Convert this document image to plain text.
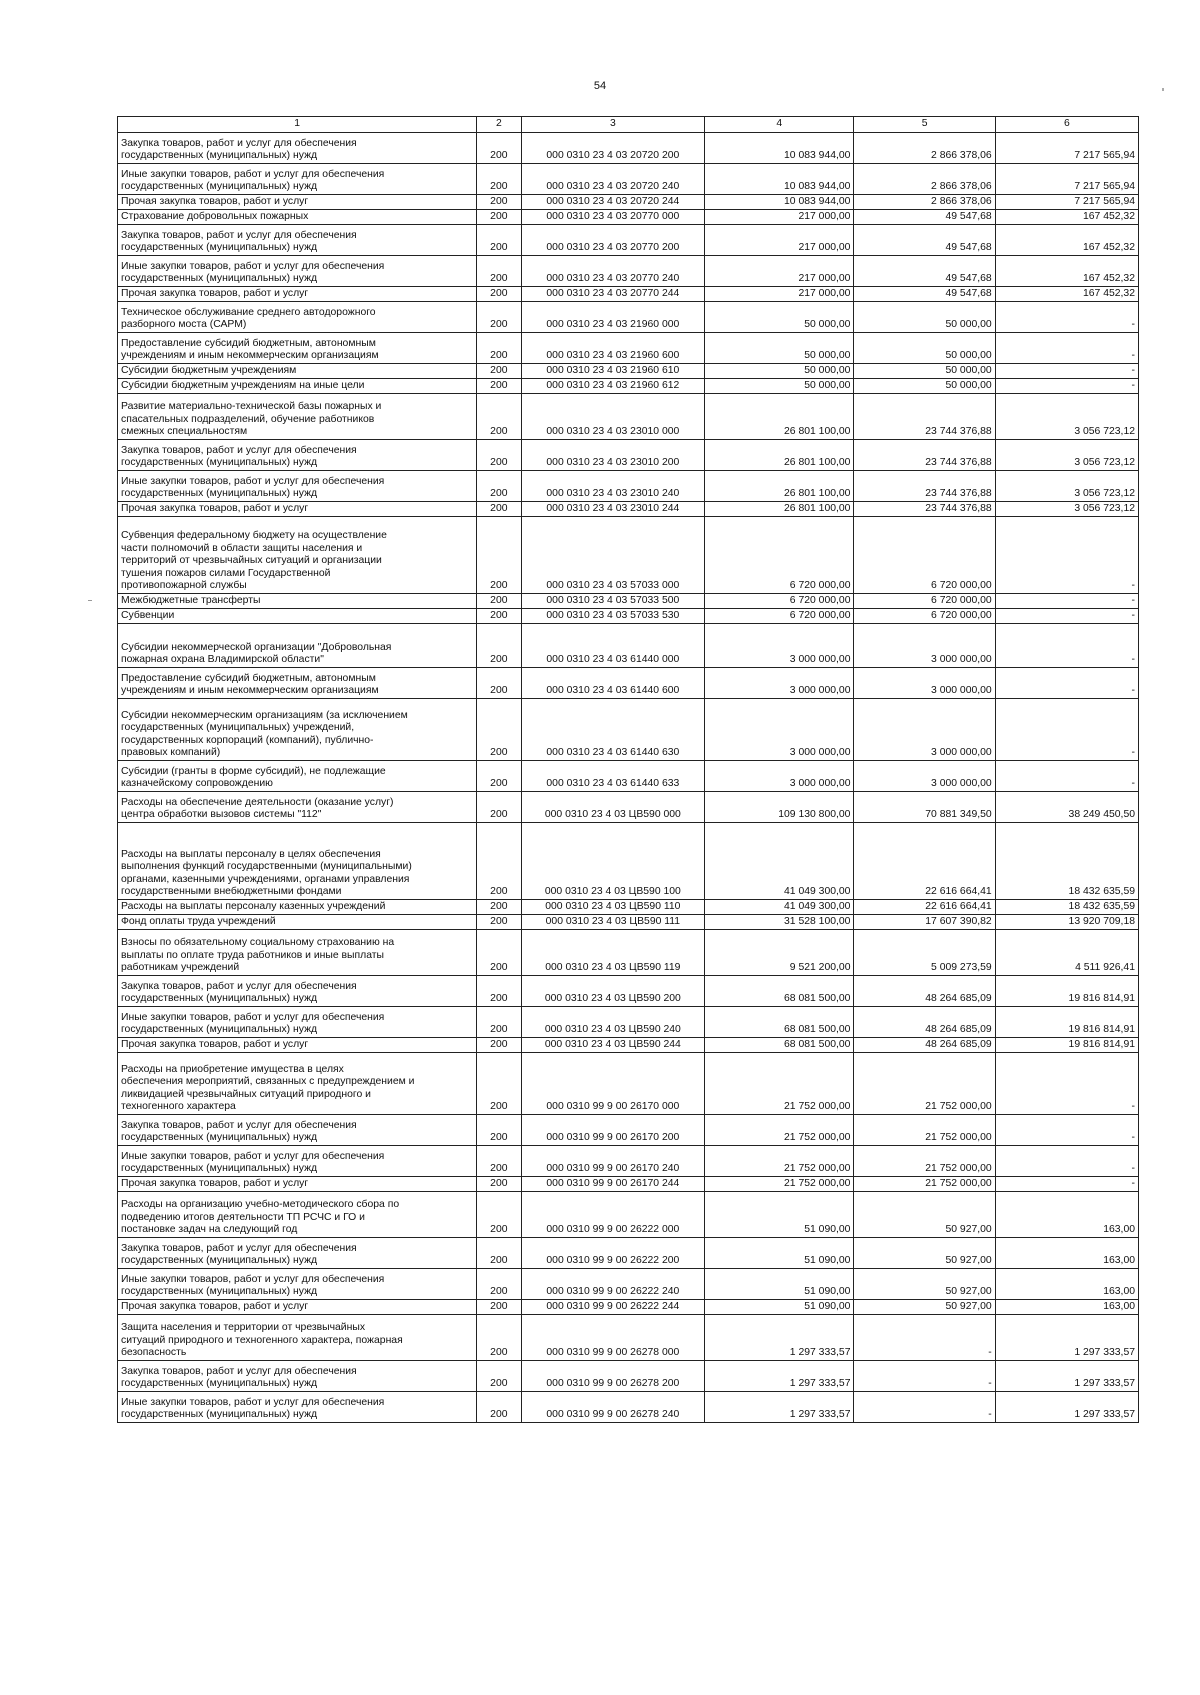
54
1	2	3	4	5	6
Закупка товаров, работ и услуг для обеспечения
государственных (муниципальных) нужд	200	000 0310 23 4 03 20720 200	10 083 944,00	2 866 378,06	7 217 565,94
Иные закупки товаров, работ и услуг для обеспечения
государственных (муниципальных) нужд	200	000 0310 23 4 03 20720 240	10 083 944,00	2 866 378,06	7 217 565,94
Прочая закупка товаров, работ и услуг	200	000 0310 23 4 03 20720 244	10 083 944,00	2 866 378,06	7 217 565,94
Страхование добровольных пожарных	200	000 0310 23 4 03 20770 000	217 000,00	49 547,68	167 452,32
Закупка товаров, работ и услуг для обеспечения
государственных (муниципальных) нужд	200	000 0310 23 4 03 20770 200	217 000,00	49 547,68	167 452,32
Иные закупки товаров, работ и услуг для обеспечения
государственных (муниципальных) нужд	200	000 0310 23 4 03 20770 240	217 000,00	49 547,68	167 452,32
Прочая закупка товаров, работ и услуг	200	000 0310 23 4 03 20770 244	217 000,00	49 547,68	167 452,32
Техническое обслуживание среднего автодорожного
разборного моста (САРМ)	200	000 0310 23 4 03 21960 000	50 000,00	50 000,00	-
Предоставление субсидий бюджетным, автономным
учреждениям и иным некоммерческим организациям	200	000 0310 23 4 03 21960 600	50 000,00	50 000,00	-
Субсидии бюджетным учреждениям	200	000 0310 23 4 03 21960 610	50 000,00	50 000,00	-
Субсидии бюджетным учреждениям на иные цели	200	000 0310 23 4 03 21960 612	50 000,00	50 000,00	-
Развитие материально-технической базы пожарных и
спасательных подразделений, обучение работников
смежных специальностям	200	000 0310 23 4 03 23010 000	26 801 100,00	23 744 376,88	3 056 723,12
Закупка товаров, работ и услуг для обеспечения
государственных (муниципальных) нужд	200	000 0310 23 4 03 23010 200	26 801 100,00	23 744 376,88	3 056 723,12
Иные закупки товаров, работ и услуг для обеспечения
государственных (муниципальных) нужд	200	000 0310 23 4 03 23010 240	26 801 100,00	23 744 376,88	3 056 723,12
Прочая закупка товаров, работ и услуг	200	000 0310 23 4 03 23010 244	26 801 100,00	23 744 376,88	3 056 723,12
Субвенция федеральному бюджету на осуществление
части полномочий в области защиты населения и
территорий от чрезвычайных ситуаций и организации
тушения пожаров силами Государственной
противопожарной службы	200	000 0310 23 4 03 57033 000	6 720 000,00	6 720 000,00	-
Межбюджетные трансферты	200	000 0310 23 4 03 57033 500	6 720 000,00	6 720 000,00	-
Субвенции	200	000 0310 23 4 03 57033 530	6 720 000,00	6 720 000,00	-
Субсидии некоммерческой организации "Добровольная
пожарная охрана Владимирской области"	200	000 0310 23 4 03 61440 000	3 000 000,00	3 000 000,00	-
Предоставление субсидий бюджетным, автономным
учреждениям и иным некоммерческим организациям	200	000 0310 23 4 03 61440 600	3 000 000,00	3 000 000,00	-
Субсидии некоммерческим организациям (за исключением
государственных (муниципальных) учреждений,
государственных корпораций (компаний), публично-
правовых компаний)	200	000 0310 23 4 03 61440 630	3 000 000,00	3 000 000,00	-
Субсидии (гранты в форме субсидий), не подлежащие
казначейскому сопровождению	200	000 0310 23 4 03 61440 633	3 000 000,00	3 000 000,00	-
Расходы на обеспечение деятельности (оказание услуг)
центра обработки вызовов системы "112"	200	000 0310 23 4 03 ЦВ590 000	109 130 800,00	70 881 349,50	38 249 450,50
Расходы на выплаты персоналу в целях обеспечения
выполнения функций государственными (муниципальными)
органами, казенными учреждениями, органами управления
государственными внебюджетными фондами	200	000 0310 23 4 03 ЦВ590 100	41 049 300,00	22 616 664,41	18 432 635,59
Расходы на выплаты персоналу казенных учреждений	200	000 0310 23 4 03 ЦВ590 110	41 049 300,00	22 616 664,41	18 432 635,59
Фонд оплаты труда учреждений	200	000 0310 23 4 03 ЦВ590 111	31 528 100,00	17 607 390,82	13 920 709,18
Взносы по обязательному социальному страхованию на
выплаты по оплате труда работников и иные выплаты
работникам учреждений	200	000 0310 23 4 03 ЦВ590 119	9 521 200,00	5 009 273,59	4 511 926,41
Закупка товаров, работ и услуг для обеспечения
государственных (муниципальных) нужд	200	000 0310 23 4 03 ЦВ590 200	68 081 500,00	48 264 685,09	19 816 814,91
Иные закупки товаров, работ и услуг для обеспечения
государственных (муниципальных) нужд	200	000 0310 23 4 03 ЦВ590 240	68 081 500,00	48 264 685,09	19 816 814,91
Прочая закупка товаров, работ и услуг	200	000 0310 23 4 03 ЦВ590 244	68 081 500,00	48 264 685,09	19 816 814,91
Расходы на приобретение имущества в целях
обеспечения мероприятий, связанных с предупреждением и
ликвидацией чрезвычайных ситуаций природного и
техногенного характера	200	000 0310 99 9 00 26170 000	21 752 000,00	21 752 000,00	-
Закупка товаров, работ и услуг для обеспечения
государственных (муниципальных) нужд	200	000 0310 99 9 00 26170 200	21 752 000,00	21 752 000,00	-
Иные закупки товаров, работ и услуг для обеспечения
государственных (муниципальных) нужд	200	000 0310 99 9 00 26170 240	21 752 000,00	21 752 000,00	-
Прочая закупка товаров, работ и услуг	200	000 0310 99 9 00 26170 244	21 752 000,00	21 752 000,00	-
Расходы на организацию учебно-методического сбора по
подведению итогов деятельности ТП РСЧС и ГО и
постановке задач на следующий год	200	000 0310 99 9 00 26222 000	51 090,00	50 927,00	163,00
Закупка товаров, работ и услуг для обеспечения
государственных (муниципальных) нужд	200	000 0310 99 9 00 26222 200	51 090,00	50 927,00	163,00
Иные закупки товаров, работ и услуг для обеспечения
государственных (муниципальных) нужд	200	000 0310 99 9 00 26222 240	51 090,00	50 927,00	163,00
Прочая закупка товаров, работ и услуг	200	000 0310 99 9 00 26222 244	51 090,00	50 927,00	163,00
Защита населения и территории от чрезвычайных
ситуаций природного и техногенного характера, пожарная
безопасность	200	000 0310 99 9 00 26278 000	1 297 333,57	-	1 297 333,57
Закупка товаров, работ и услуг для обеспечения
государственных (муниципальных) нужд	200	000 0310 99 9 00 26278 200	1 297 333,57	-	1 297 333,57
Иные закупки товаров, работ и услуг для обеспечения
государственных (муниципальных) нужд	200	000 0310 99 9 00 26278 240	1 297 333,57	-	1 297 333,57
